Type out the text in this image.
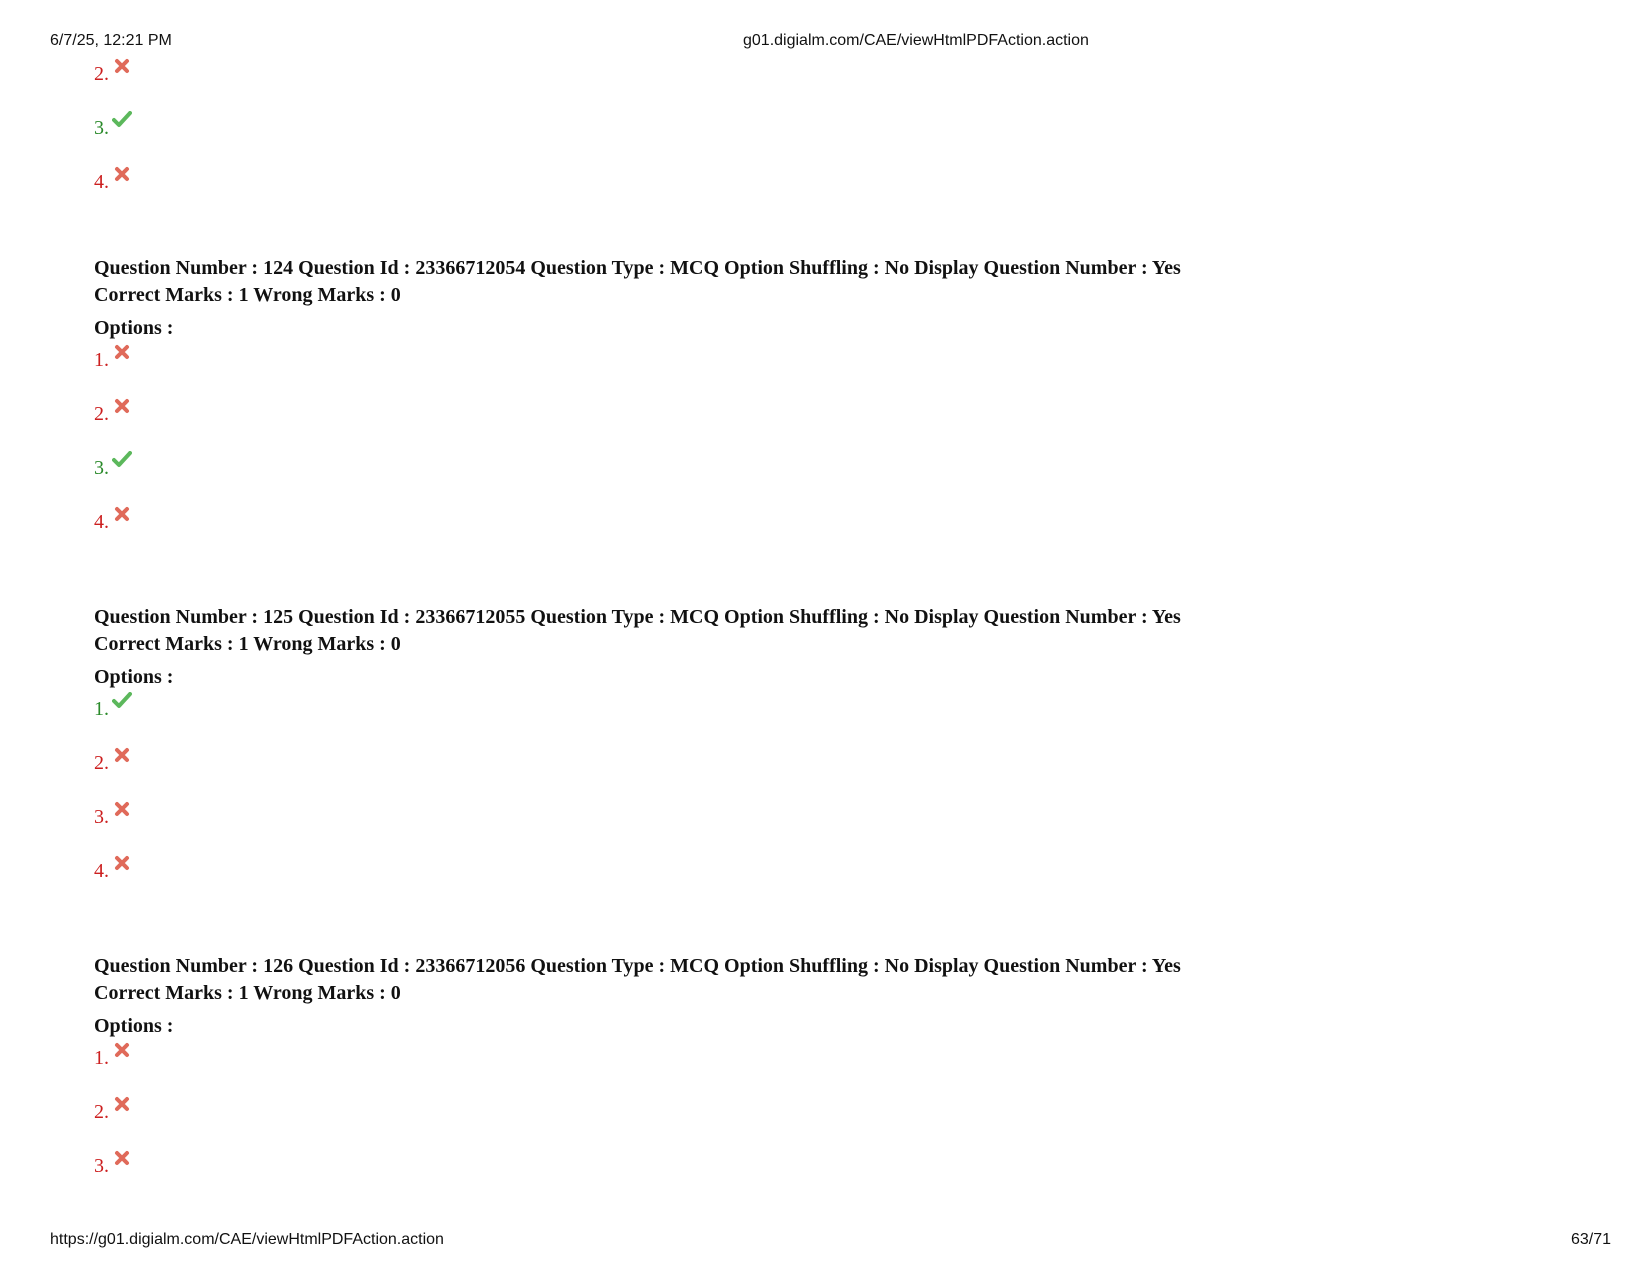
6/7/25, 12:21 PM	g01.digialm.com/CAE/viewHtmlPDFAction.action
2.
3.
4.
Question Number : 124 Question Id : 23366712054 Question Type : MCQ Option Shuffling : No Display Question Number : Yes
Correct Marks : 1 Wrong Marks : 0
Options :
1.
2.
3.
4.
Question Number : 125 Question Id : 23366712055 Question Type : MCQ Option Shuffling : No Display Question Number : Yes
Correct Marks : 1 Wrong Marks : 0
Options :
1.
2.
3.
4.
Question Number : 126 Question Id : 23366712056 Question Type : MCQ Option Shuffling : No Display Question Number : Yes
Correct Marks : 1 Wrong Marks : 0
Options :
1.
2.
3.
https://g01.digialm.com/CAE/viewHtmlPDFAction.action	63/71
